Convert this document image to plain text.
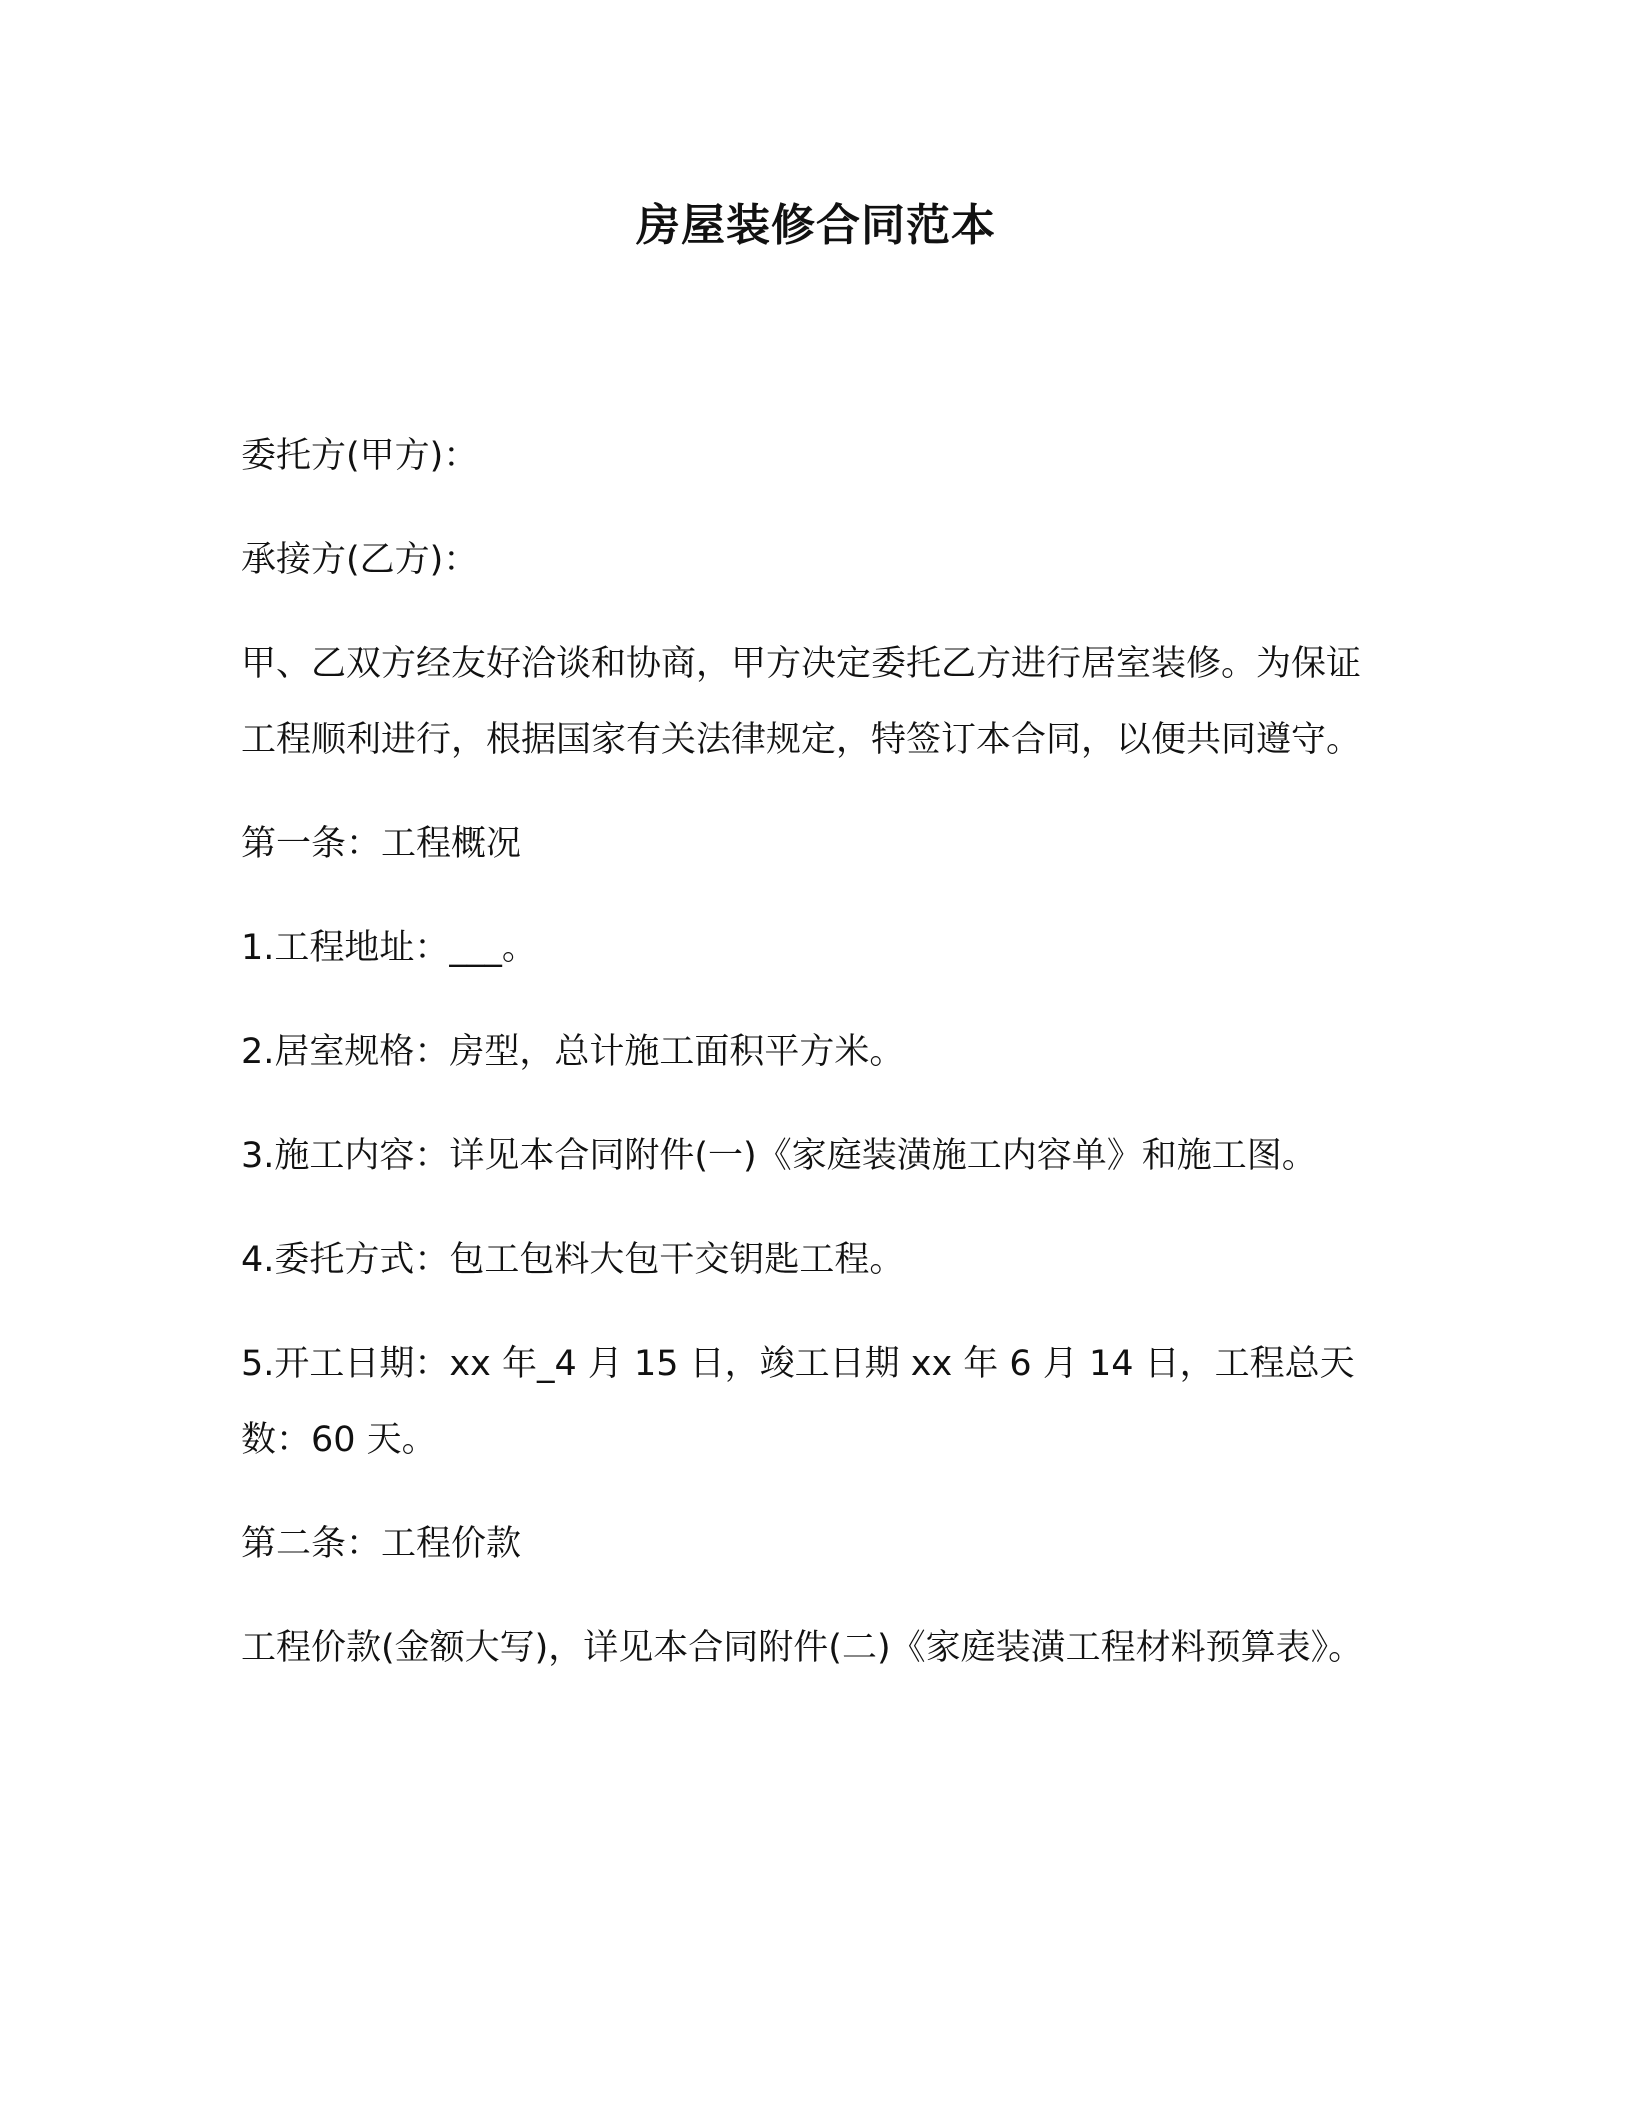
房屋装修合同范本

委托方(甲方)：

承接方(乙方)：

甲、乙双方经友好洽谈和协商，甲方决定委托乙方进行居室装修。为保证工程顺利进行，根据国家有关法律规定，特签订本合同，以便共同遵守。

第一条：工程概况

1.工程地址：___。

2.居室规格：房型，总计施工面积平方米。

3.施工内容：详见本合同附件(一)《家庭装潢施工内容单》和施工图。

4.委托方式：包工包料大包干交钥匙工程。

5.开工日期：xx 年_4 月 15 日，竣工日期 xx 年 6 月 14 日，工程总天数：60 天。

第二条：工程价款

工程价款(金额大写)，详见本合同附件(二)《家庭装潢工程材料预算表》。
